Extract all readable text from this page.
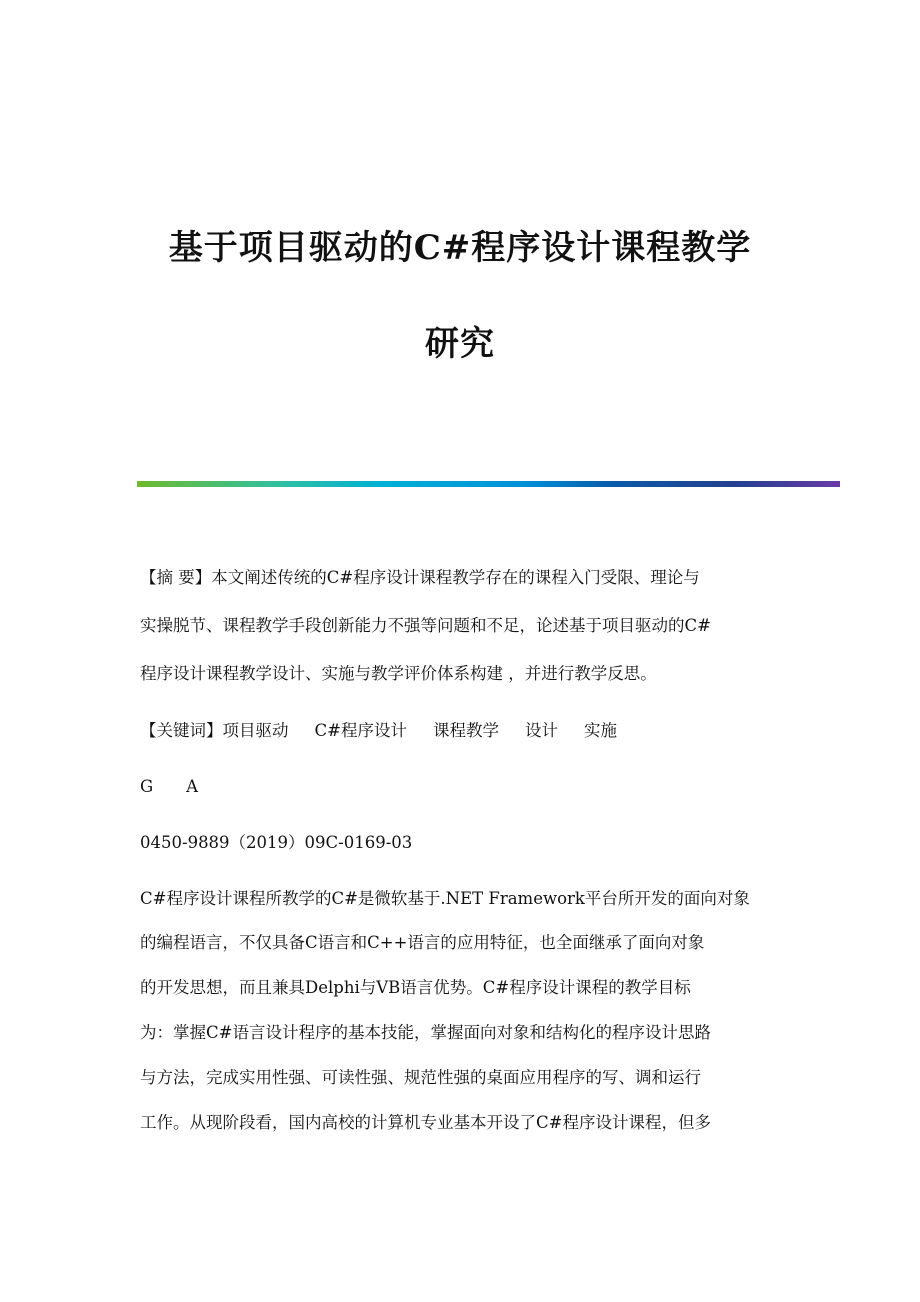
基于项目驱动的C#程序设计课程教学
研究
【摘 要】本文阐述传统的C#程序设计课程教学存在的课程入门受限、理论与
实操脱节、课程教学手段创新能力不强等问题和不足，论述基于项目驱动的C#
程序设计课程教学设计、实施与教学评价体系构建 ，并进行教学反思。
【关键词】项目驱动 C#程序设计 课程教学 设计 实施
G　　A
0450-9889（2019）09C-0169-03
C#程序设计课程所教学的C#是微软基于.NET Framework平台所开发的面向对象
的编程语言，不仅具备C语言和C++语言的应用特征，也全面继承了面向对象
的开发思想，而且兼具Delphi与VB语言优势。C#程序设计课程的教学目标
为：掌握C#语言设计程序的基本技能，掌握面向对象和结构化的程序设计思路
与方法，完成实用性强、可读性强、规范性强的桌面应用程序的写、调和运行
工作。从现阶段看，国内高校的计算机专业基本开设了C#程序设计课程，但多
